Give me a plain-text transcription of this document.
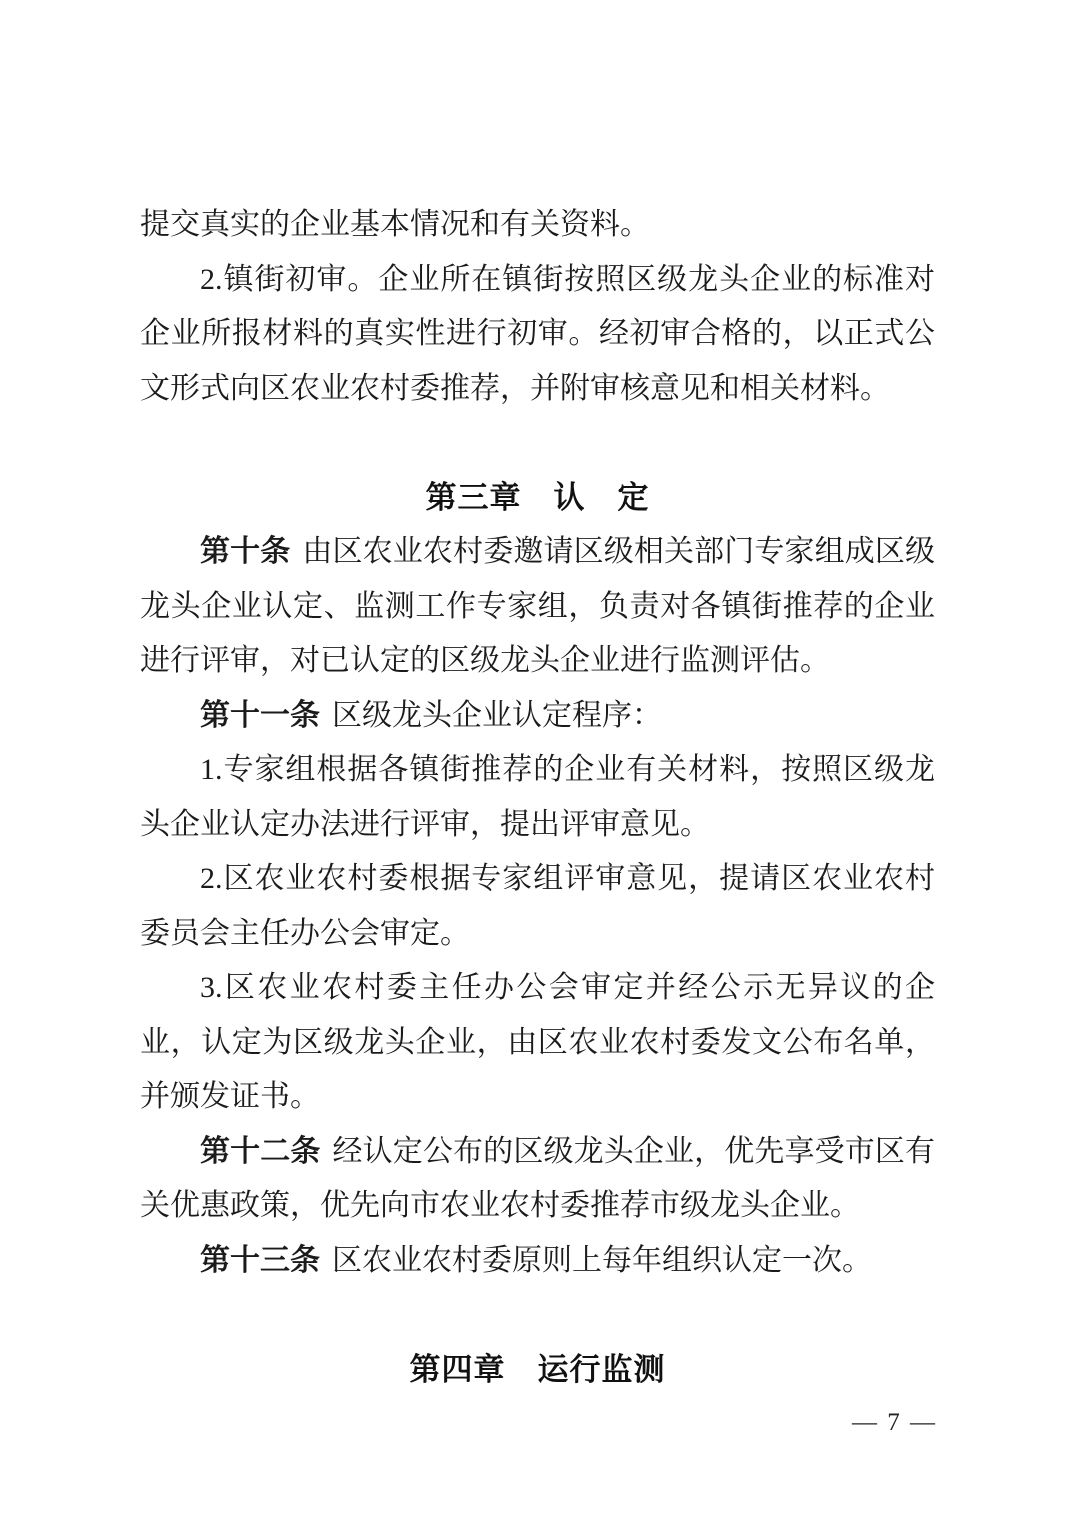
提交真实的企业基本情况和有关资料。

2.镇街初审。企业所在镇街按照区级龙头企业的标准对企业所报材料的真实性进行初审。经初审合格的，以正式公文形式向区农业农村委推荐，并附审核意见和相关材料。

第三章　认　定

第十条 由区农业农村委邀请区级相关部门专家组成区级龙头企业认定、监测工作专家组，负责对各镇街推荐的企业进行评审，对已认定的区级龙头企业进行监测评估。

第十一条 区级龙头企业认定程序：

1.专家组根据各镇街推荐的企业有关材料，按照区级龙头企业认定办法进行评审，提出评审意见。

2.区农业农村委根据专家组评审意见，提请区农业农村委员会主任办公会审定。

3.区农业农村委主任办公会审定并经公示无异议的企业，认定为区级龙头企业，由区农业农村委发文公布名单，并颁发证书。

第十二条 经认定公布的区级龙头企业，优先享受市区有关优惠政策，优先向市农业农村委推荐市级龙头企业。

第十三条 区农业农村委原则上每年组织认定一次。

第四章　运行监测
— 7 —
